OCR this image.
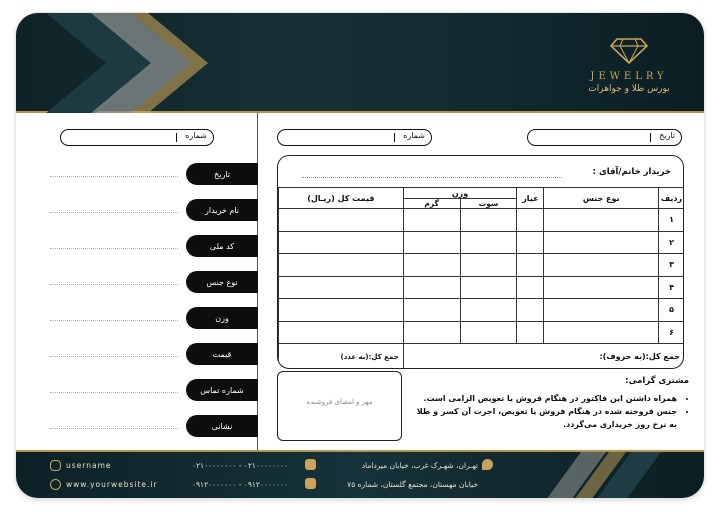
JEWELRY
بورس طلا و جواهرات
شماره
تاریخ
نام خریدار
کد ملی
نوع جنس
وزن
قیمت
شماره تماس
نشانی
تاریخ
شماره
خریدار خانم/آقای :
ردیف	نوع جنس	عیار	وزن		قیمت کل (ریـال)
			سوت	گرم	
۱					
۲					
۳					
۴					
۵					
۶					
جمع کل:(به حروف):					جمع کل:(به عدد)
مهر و امضای فروشنده
مشتری گرامی:
• همراه داشتن این فاکتور در هنگام فروش یا تعویض الزامی است.
• جنس فروخته شده در هنگام فروش یا تعویض، اجرت آن کسر و طلا به نرخ روز خریداری می‌گردد.
username
www.yourwebsite.ir
۰۲۱۰۰۰۰۰۰۰۰ - ۰۲۱۰۰۰۰۰۰۰۰
۰۹۱۲۰۰۰۰۰۰۰ - ۰۹۱۲۰۰۰۰۰۰۰
تهـران، شهـرک غرب، خیابان میرداماد
خیابان مهستان، مجتمع گلستان، شماره ۷۵
